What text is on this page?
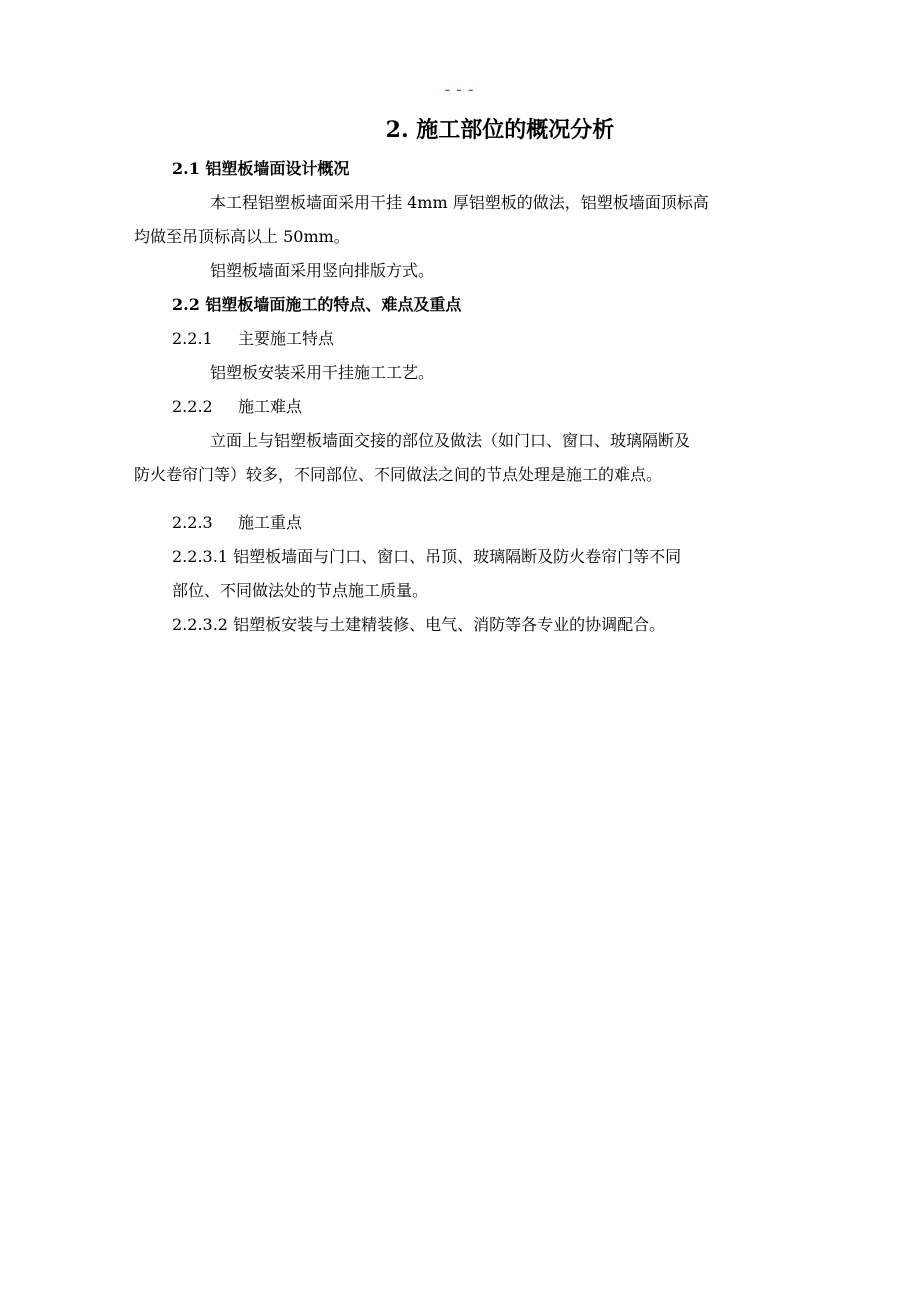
---
2. 施工部位的概况分析
2.1 铝塑板墙面设计概况
本工程铝塑板墙面采用干挂 4mm 厚铝塑板的做法，铝塑板墙面顶标高
均做至吊顶标高以上 50mm。
铝塑板墙面采用竖向排版方式。
2.2 铝塑板墙面施工的特点、难点及重点
2.2.1 主要施工特点
铝塑板安装采用干挂施工工艺。
2.2.2 施工难点
立面上与铝塑板墙面交接的部位及做法（如门口、窗口、玻璃隔断及
防火卷帘门等）较多，不同部位、不同做法之间的节点处理是施工的难点。
2.2.3 施工重点
2.2.3.1 铝塑板墙面与门口、窗口、吊顶、玻璃隔断及防火卷帘门等不同
部位、不同做法处的节点施工质量。
2.2.3.2 铝塑板安装与土建精装修、电气、消防等各专业的协调配合。
